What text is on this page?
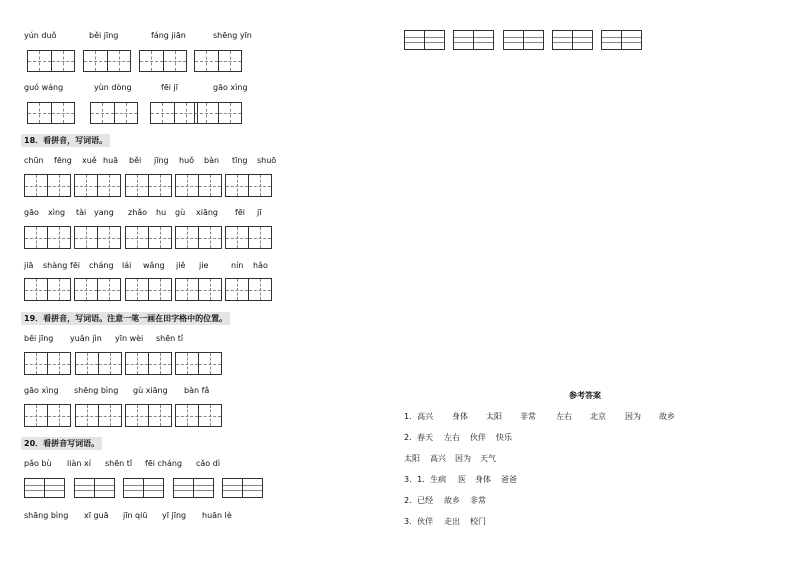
yún duǒ	běi jīng	fáng jiān	shēng yīn
guó wáng	yùn dòng	fēi jī	gāo xìng
18．看拼音，写词语。
chūn fēng xuě huā běi jīng huǒ bàn tīng shuō
gāo xìng tài yang zhǎo hu gù xiāng fēi jī
jiā shàng fēi cháng lái wǎng jiě jie	nín hǎo
19．看拼音，写词语。注意一笔一画在田字格中的位置。
běi jīng yuǎn jìn yīn wèi shēn tǐ
gāo xìng shēng bìng gù xiāng bàn fǎ
20．看拼音写词语。
pǎo bù liàn xí shēn tǐ fēi cháng cǎo dì
shāng bìng xī guā jīn qiū yī jīng huān lè
参考答案
1．高兴 身体 太阳 非常	左右 北京 因为 故乡
2．春天 左右 伙伴 快乐
太阳 高兴 因为 天气
3．1．生病 医 身体 爸爸
2．已经 故乡 非常
3．伙伴 走出 校门
